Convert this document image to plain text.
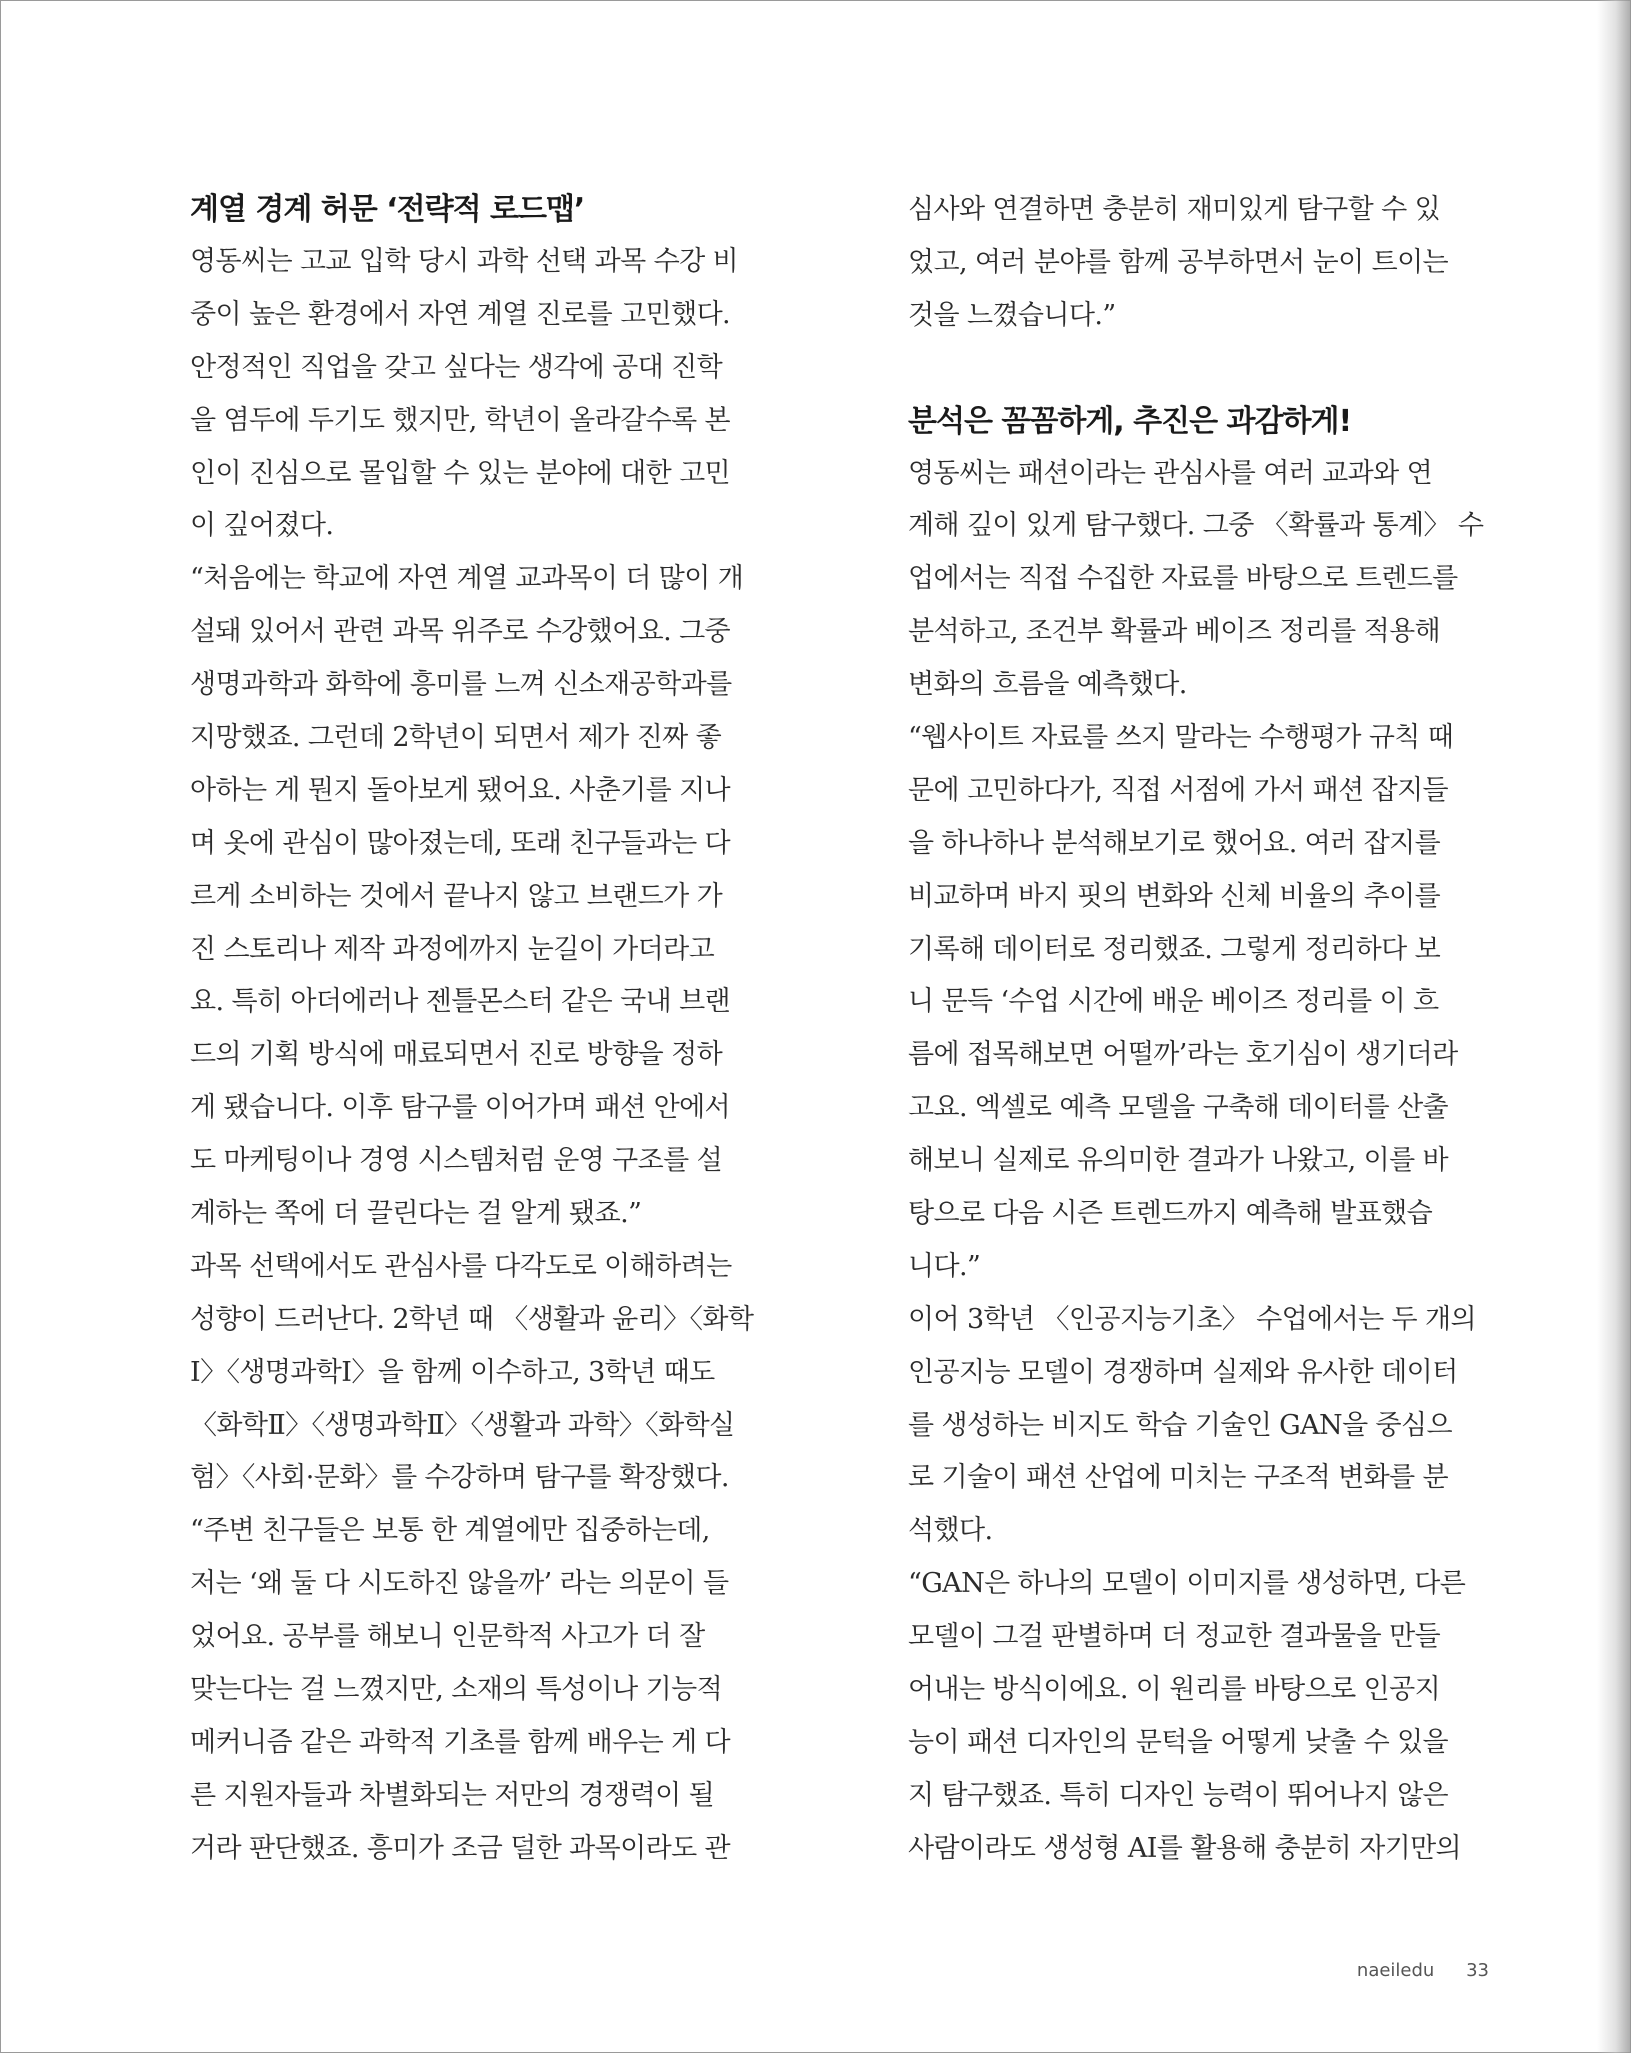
계열 경계 허문 ‘전략적 로드맵’
영동씨는 고교 입학 당시 과학 선택 과목 수강 비
중이 높은 환경에서 자연 계열 진로를 고민했다.
안정적인 직업을 갖고 싶다는 생각에 공대 진학
을 염두에 두기도 했지만, 학년이 올라갈수록 본
인이 진심으로 몰입할 수 있는 분야에 대한 고민
이 깊어졌다.
“처음에는 학교에 자연 계열 교과목이 더 많이 개
설돼 있어서 관련 과목 위주로 수강했어요. 그중
생명과학과 화학에 흥미를 느껴 신소재공학과를
지망했죠. 그런데 2학년이 되면서 제가 진짜 좋
아하는 게 뭔지 돌아보게 됐어요. 사춘기를 지나
며 옷에 관심이 많아졌는데, 또래 친구들과는 다
르게 소비하는 것에서 끝나지 않고 브랜드가 가
진 스토리나 제작 과정에까지 눈길이 가더라고
요. 특히 아더에러나 젠틀몬스터 같은 국내 브랜
드의 기획 방식에 매료되면서 진로 방향을 정하
게 됐습니다. 이후 탐구를 이어가며 패션 안에서
도 마케팅이나 경영 시스템처럼 운영 구조를 설
계하는 쪽에 더 끌린다는 걸 알게 됐죠.”
과목 선택에서도 관심사를 다각도로 이해하려는
성향이 드러난다. 2학년 때 〈생활과 윤리〉〈화학
Ⅰ〉〈생명과학Ⅰ〉을 함께 이수하고, 3학년 때도
〈화학Ⅱ〉〈생명과학Ⅱ〉〈생활과 과학〉〈화학실
험〉〈사회·문화〉를 수강하며 탐구를 확장했다.
“주변 친구들은 보통 한 계열에만 집중하는데,
저는 ‘왜 둘 다 시도하진 않을까’ 라는 의문이 들
었어요. 공부를 해보니 인문학적 사고가 더 잘
맞는다는 걸 느꼈지만, 소재의 특성이나 기능적
메커니즘 같은 과학적 기초를 함께 배우는 게 다
른 지원자들과 차별화되는 저만의 경쟁력이 될
거라 판단했죠. 흥미가 조금 덜한 과목이라도 관
심사와 연결하면 충분히 재미있게 탐구할 수 있
었고, 여러 분야를 함께 공부하면서 눈이 트이는
것을 느꼈습니다.”
분석은 꼼꼼하게, 추진은 과감하게!
영동씨는 패션이라는 관심사를 여러 교과와 연
계해 깊이 있게 탐구했다. 그중 〈확률과 통계〉 수
업에서는 직접 수집한 자료를 바탕으로 트렌드를
분석하고, 조건부 확률과 베이즈 정리를 적용해
변화의 흐름을 예측했다.
“웹사이트 자료를 쓰지 말라는 수행평가 규칙 때
문에 고민하다가, 직접 서점에 가서 패션 잡지들
을 하나하나 분석해보기로 했어요. 여러 잡지를
비교하며 바지 핏의 변화와 신체 비율의 추이를
기록해 데이터로 정리했죠. 그렇게 정리하다 보
니 문득 ‘수업 시간에 배운 베이즈 정리를 이 흐
름에 접목해보면 어떨까’라는 호기심이 생기더라
고요. 엑셀로 예측 모델을 구축해 데이터를 산출
해보니 실제로 유의미한 결과가 나왔고, 이를 바
탕으로 다음 시즌 트렌드까지 예측해 발표했습
니다.”
이어 3학년 〈인공지능기초〉 수업에서는 두 개의
인공지능 모델이 경쟁하며 실제와 유사한 데이터
를 생성하는 비지도 학습 기술인 GAN을 중심으
로 기술이 패션 산업에 미치는 구조적 변화를 분
석했다.
“GAN은 하나의 모델이 이미지를 생성하면, 다른
모델이 그걸 판별하며 더 정교한 결과물을 만들
어내는 방식이에요. 이 원리를 바탕으로 인공지
능이 패션 디자인의 문턱을 어떻게 낮출 수 있을
지 탐구했죠. 특히 디자인 능력이 뛰어나지 않은
사람이라도 생성형 AI를 활용해 충분히 자기만의
naeiledu 33
